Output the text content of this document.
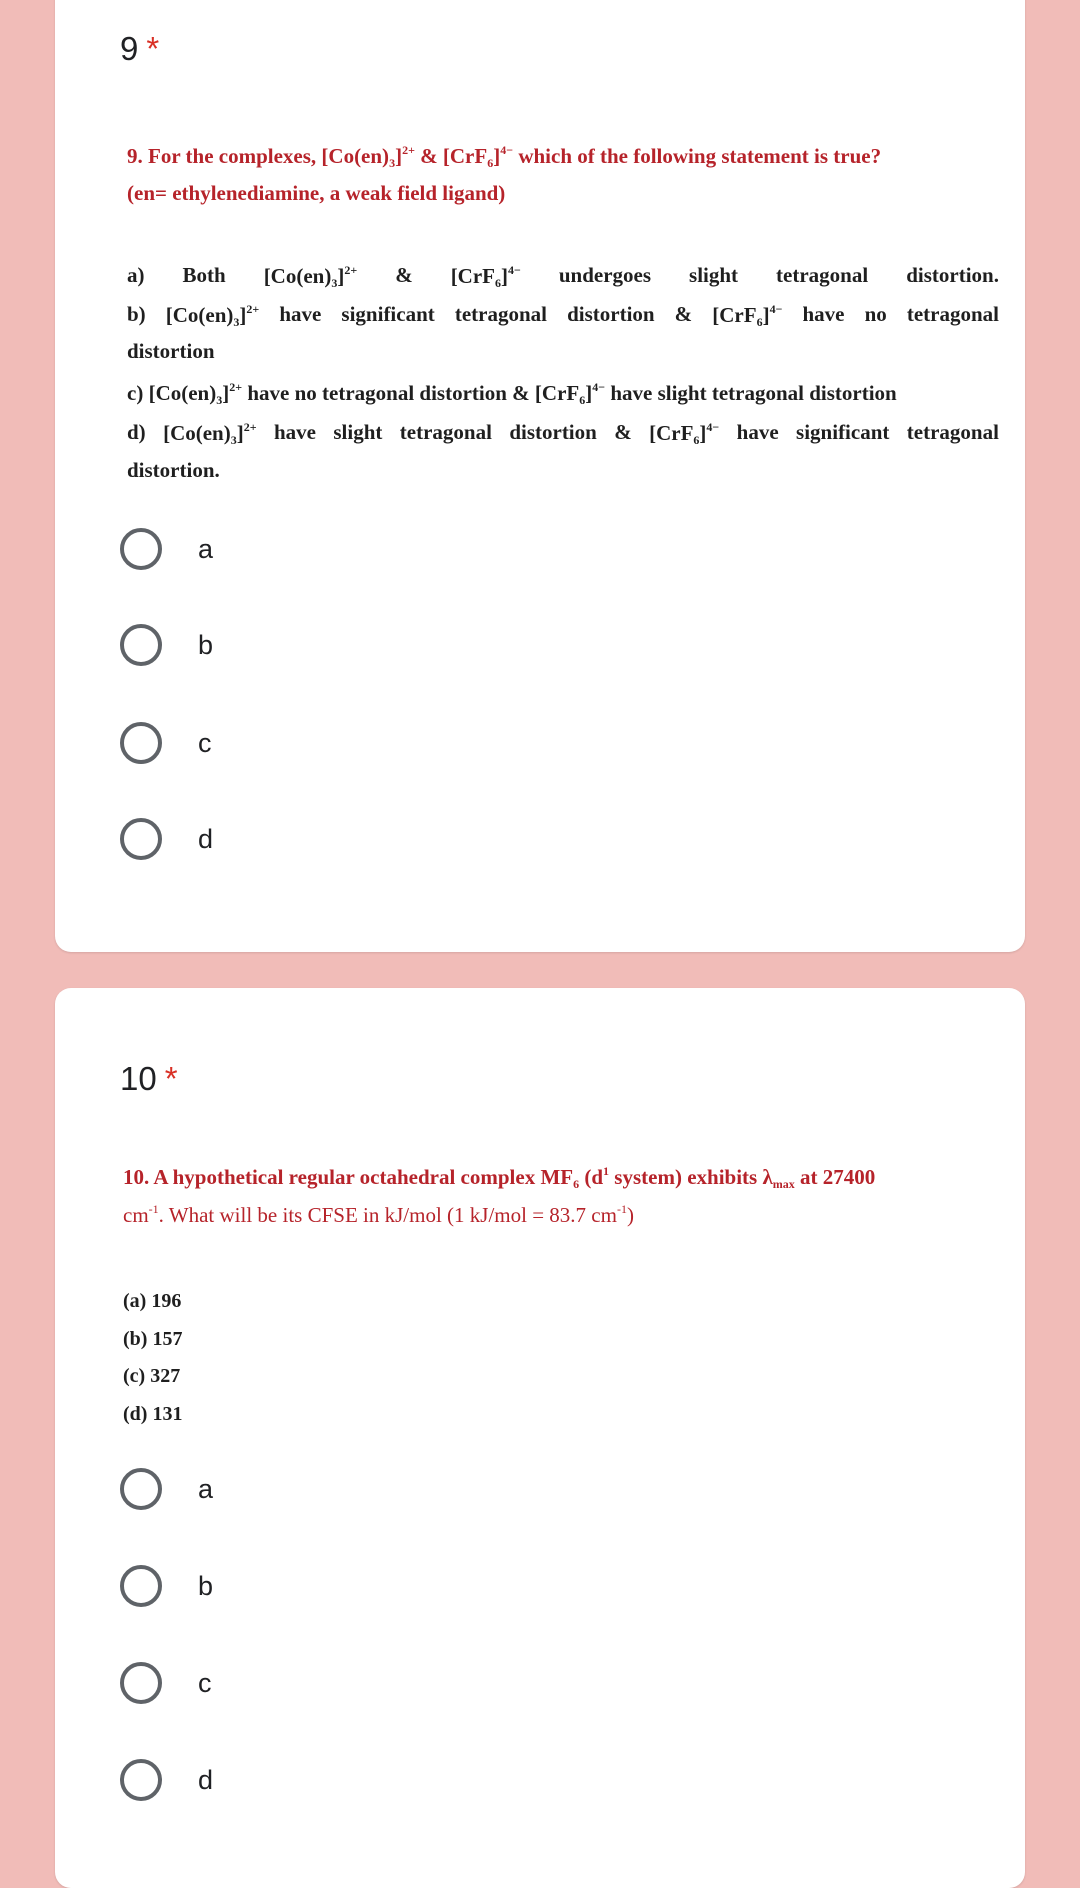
9 *
9. For the complexes, $[Co(en)_3]^{2+}$ & $[CrF_6]^{4-}$ which of the following statement is true?
(en= ethylenediamine, a weak field ligand)
a) Both $[Co(en)_3]^{2+}$ & $[CrF_6]^{4-}$ undergoes slight tetragonal distortion.
b) $[Co(en)_3]^{2+}$ have significant tetragonal distortion & $[CrF_6]^{4-}$ have no tetragonal
distortion
c) $[Co(en)_3]^{2+}$ have no tetragonal distortion & $[CrF_6]^{4-}$ have slight tetragonal distortion
d) $[Co(en)_3]^{2+}$ have slight tetragonal distortion & $[CrF_6]^{4-}$ have significant tetragonal
distortion.
a
b
c
d
10 *
10. A hypothetical regular octahedral complex $MF_6$ ($d^1$ system) exhibits $\lambda_{max}$ at 27400
$cm^{-1}$. What will be its CFSE in kJ/mol (1 kJ/mol = 83.7 $cm^{-1}$)
(a) 196
(b) 157
(c) 327
(d) 131
a
b
c
d
